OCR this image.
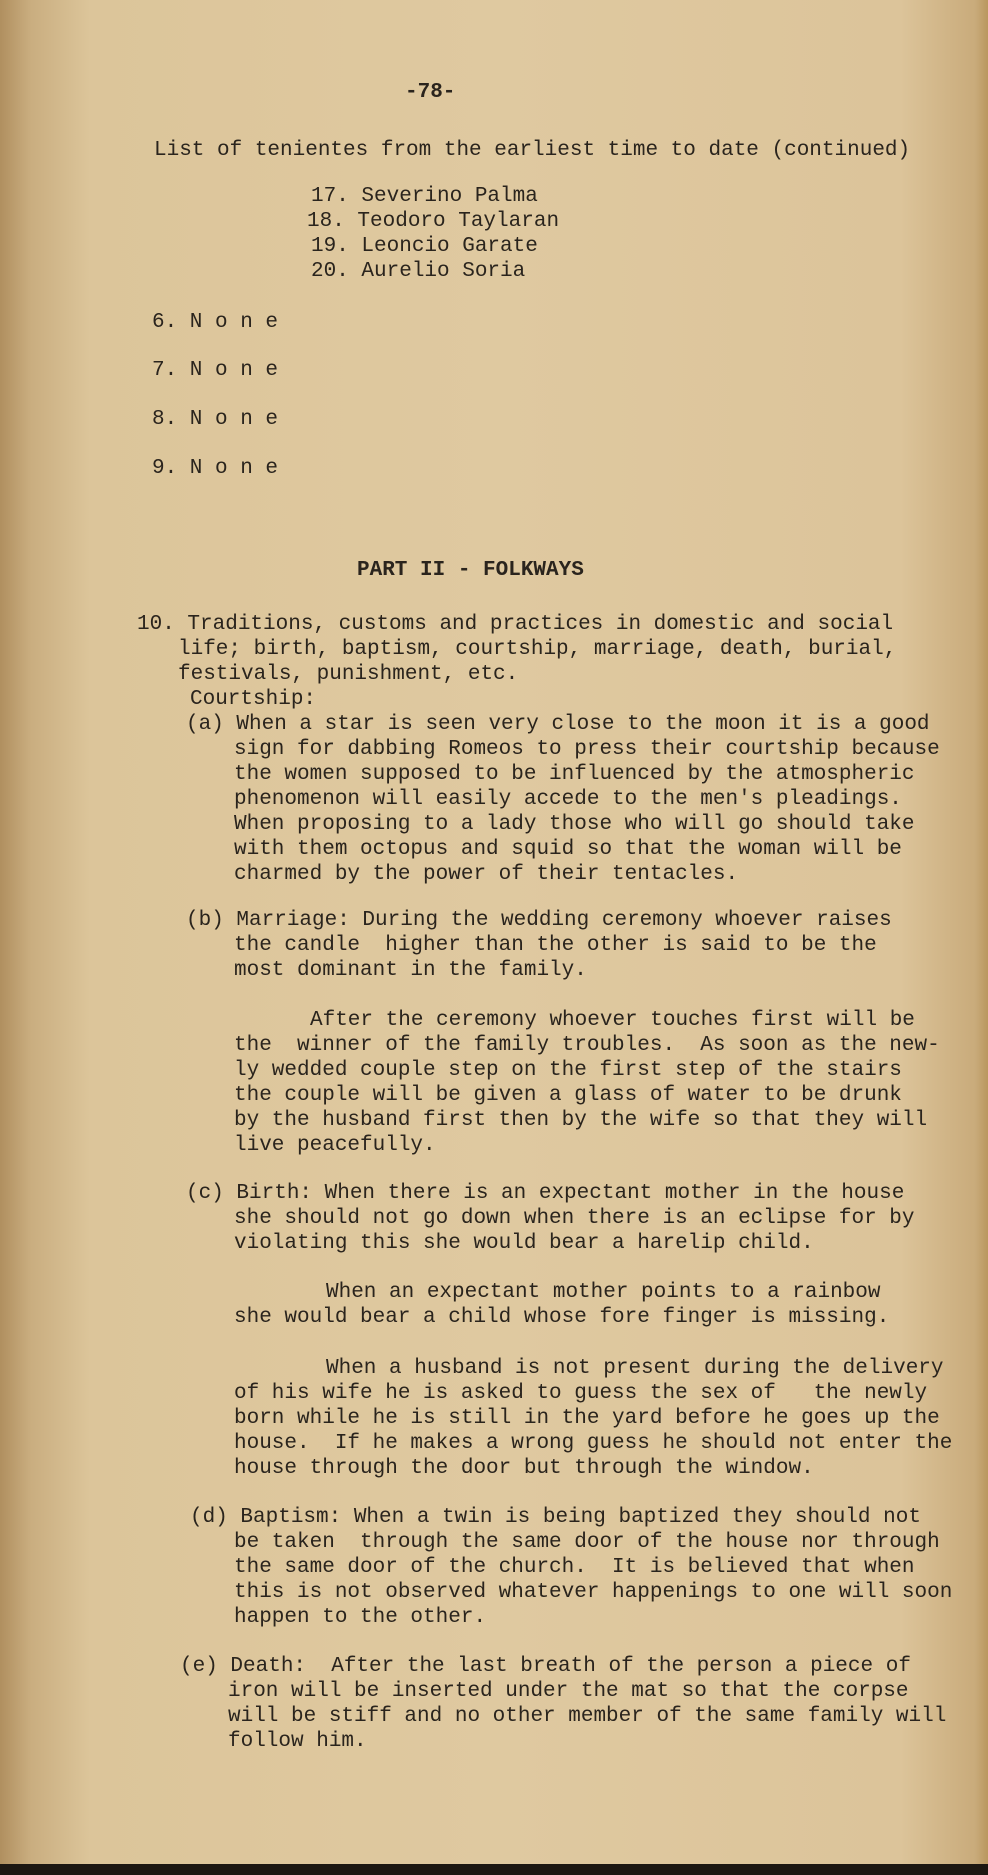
-78-
List of tenientes from the earliest time to date (continued)
17. Severino Palma
18. Teodoro Taylaran
19. Leoncio Garate
20. Aurelio Soria
6. N o n e
7. N o n e
8. N o n e
9. N o n e
PART II - FOLKWAYS
10. Traditions, customs and practices in domestic and social
life; birth, baptism, courtship, marriage, death, burial,
festivals, punishment, etc.
Courtship:

(a) When a star is seen very close to the moon it is a good

sign for dabbing Romeos to press their courtship because

the women supposed to be influenced by the atmospheric

phenomenon will easily accede to the men's pleadings.

When proposing to a lady those who will go should take

with them octopus and squid so that the woman will be

charmed by the power of their tentacles.

(b) Marriage: During the wedding ceremony whoever raises

the candle  higher than the other is said to be the

most dominant in the family.

After the ceremony whoever touches first will be

the  winner of the family troubles.  As soon as the new-

ly wedded couple step on the first step of the stairs

the couple will be given a glass of water to be drunk

by the husband first then by the wife so that they will

live peacefully.

(c) Birth: When there is an expectant mother in the house

she should not go down when there is an eclipse for by

violating this she would bear a harelip child.

When an expectant mother points to a rainbow

she would bear a child whose fore finger is missing.

When a husband is not present during the delivery

of his wife he is asked to guess the sex of   the newly

born while he is still in the yard before he goes up the

house.  If he makes a wrong guess he should not enter the

house through the door but through the window.

(d) Baptism: When a twin is being baptized they should not

be taken  through the same door of the house nor through

the same door of the church.  It is believed that when

this is not observed whatever happenings to one will soon

happen to the other.

(e) Death:  After the last breath of the person a piece of

iron will be inserted under the mat so that the corpse

will be stiff and no other member of the same family will

follow him.
